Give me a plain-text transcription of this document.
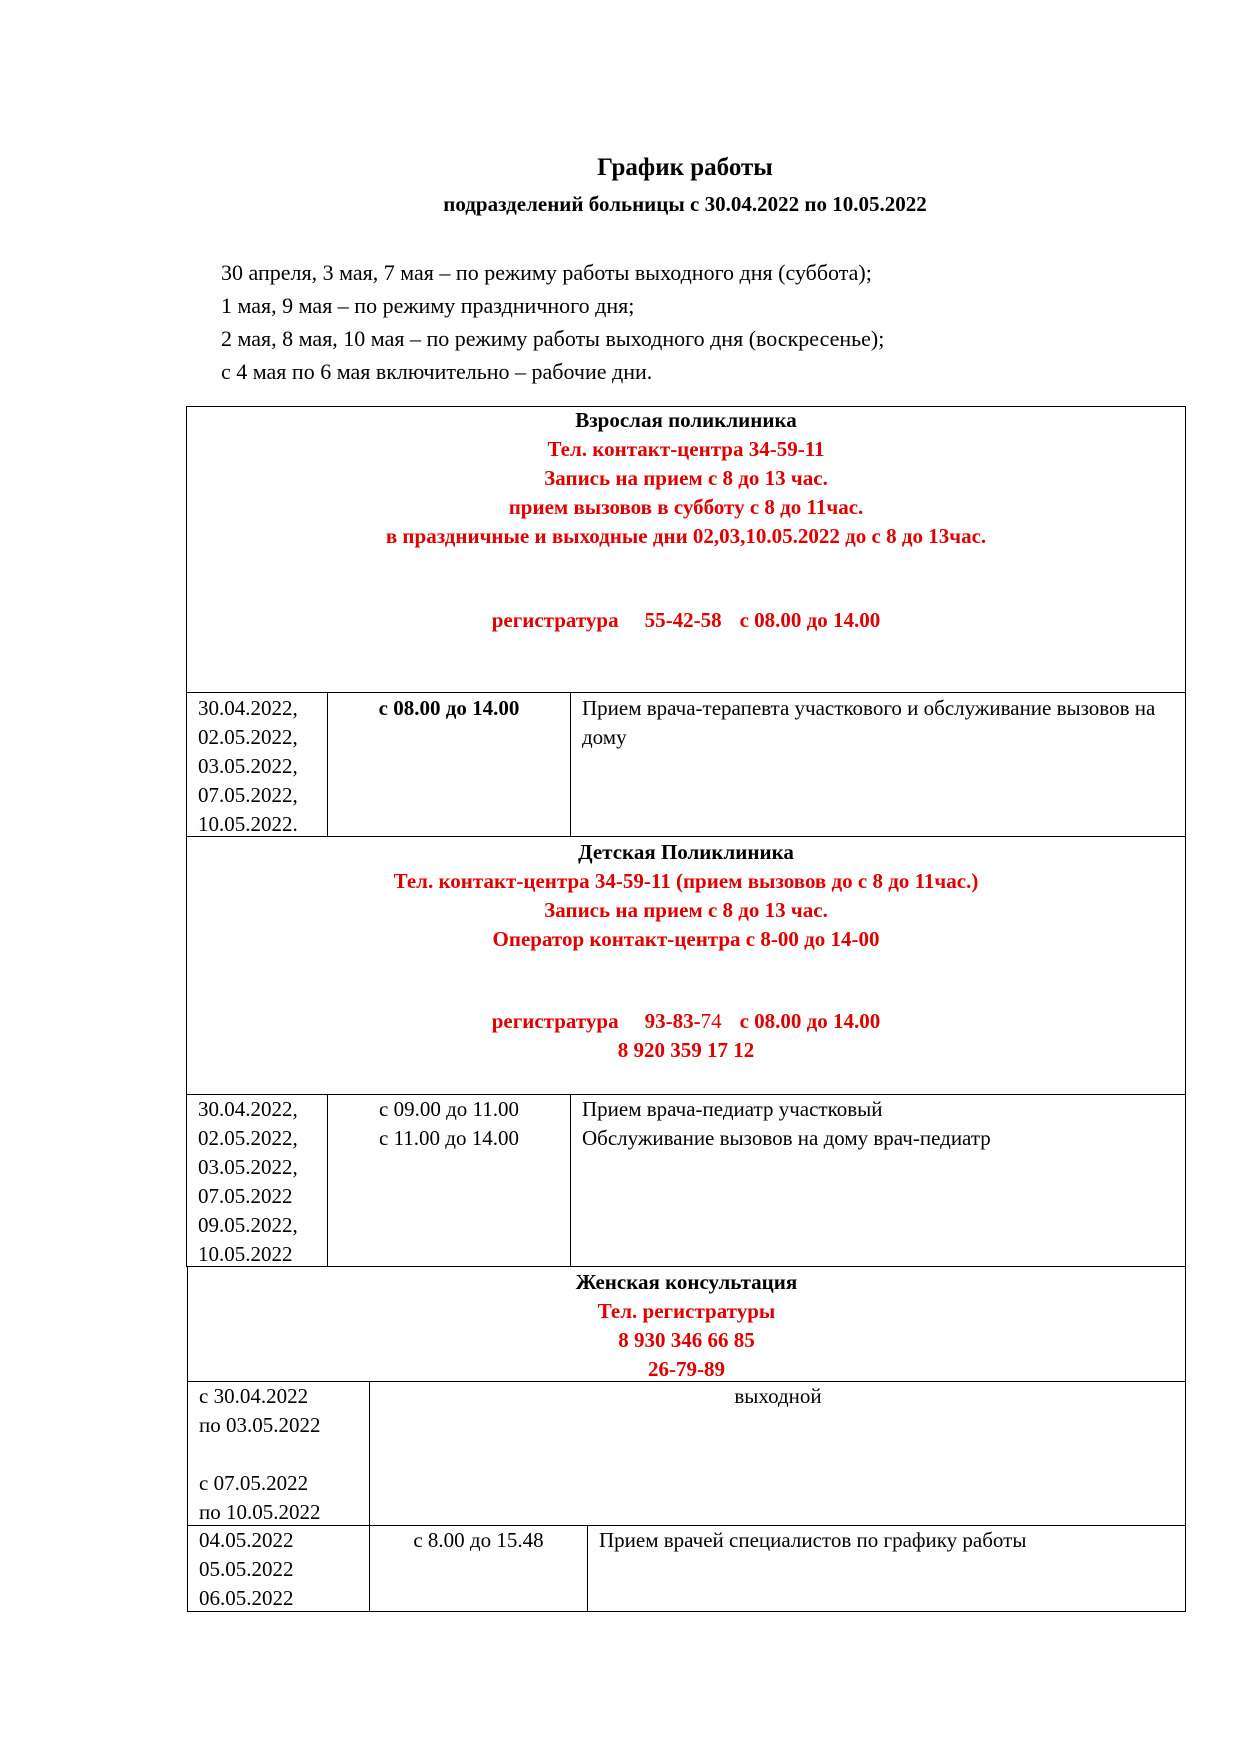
График работы
подразделений больницы с 30.04.2022 по 10.05.2022
30 апреля, 3 мая, 7 мая – по режиму работы выходного дня (суббота);
1 мая, 9 мая – по режиму праздничного дня;
2 мая, 8 мая, 10 мая – по режиму работы выходного дня (воскресенье);
с 4 мая по 6 мая включительно – рабочие дни.
Взрослая поликлиника
Тел. контакт-центра 34-59-11
Запись на прием с 8 до 13 час.
прием вызовов в субботу с 8 до 11час.
в праздничные и выходные дни 02,03,10.05.2022 до с 8 до 13час.
регистратура 55-42-58 с 08.00 до 14.00
30.04.2022,
02.05.2022,
03.05.2022,
07.05.2022,
10.05.2022.
с 08.00 до 14.00	Прием врача-терапевта участкового и обслуживание вызовов на дому
Детская Поликлиника
Тел. контакт-центра 34-59-11 (прием вызовов до с 8 до 11час.)
Запись на прием с 8 до 13 час.
Оператор контакт-центра с 8-00 до 14-00
регистратура 93-83-74 с 08.00 до 14.00
8 920 359 17 12
30.04.2022,
02.05.2022,
03.05.2022,
07.05.2022
09.05.2022,
10.05.2022
с 09.00 до 11.00
с 11.00 до 14.00
Прием врача-педиатр участковый
Обслуживание вызовов на дому врач-педиатр
Женская консультация
Тел. регистратуры
8 930 346 66 85
26-79-89
с 30.04.2022
по 03.05.2022
с 07.05.2022
по 10.05.2022
выходной
04.05.2022
05.05.2022
06.05.2022
с 8.00 до 15.48	Прием врачей специалистов по графику работы
